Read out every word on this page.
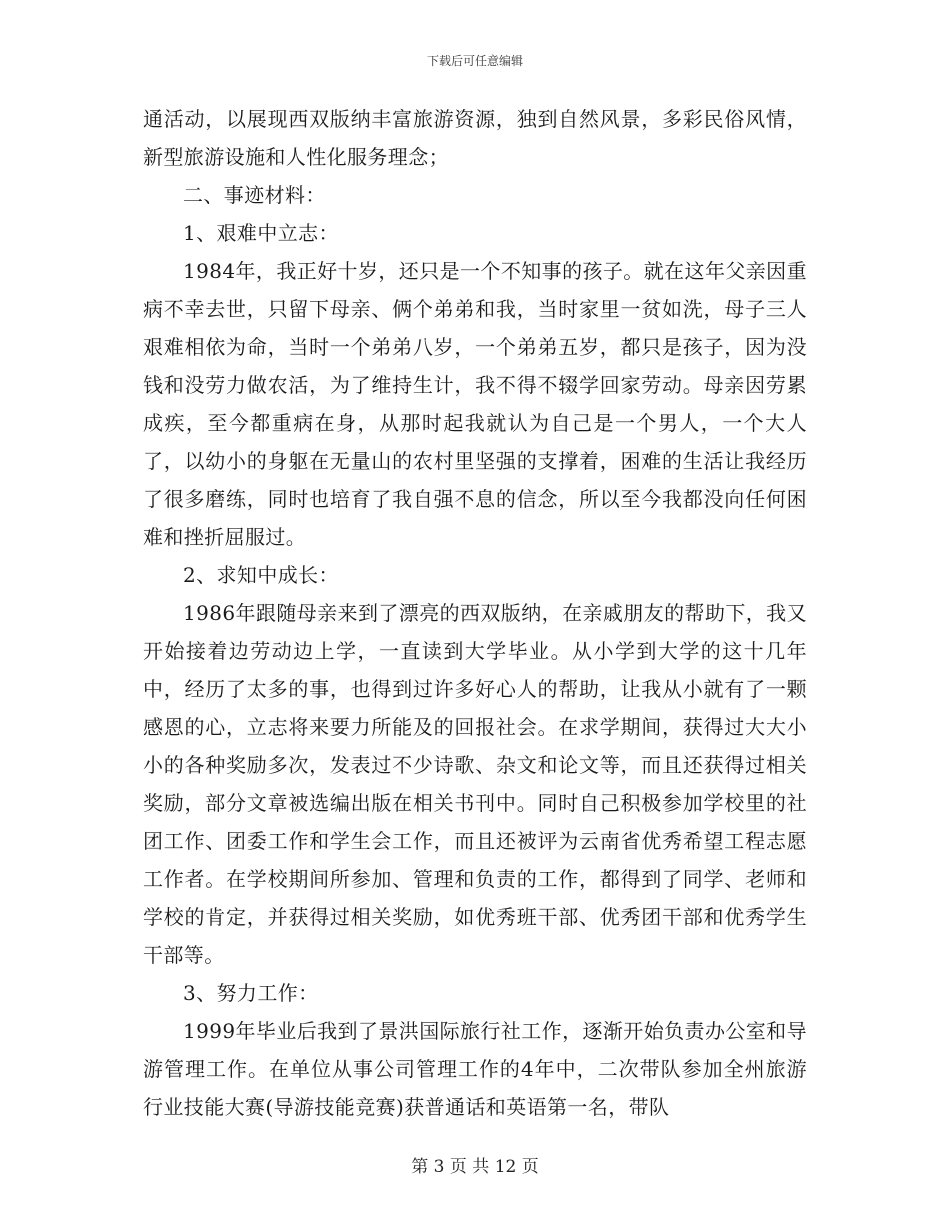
下载后可任意编辑

通活动，以展现西双版纳丰富旅游资源，独到自然风景，多彩民俗风情，新型旅游设施和人性化服务理念；

二、事迹材料：

1、艰难中立志：

1984年，我正好十岁，还只是一个不知事的孩子。就在这年父亲因重病不幸去世，只留下母亲、俩个弟弟和我，当时家里一贫如洗，母子三人艰难相依为命，当时一个弟弟八岁，一个弟弟五岁，都只是孩子，因为没钱和没劳力做农活，为了维持生计，我不得不辍学回家劳动。母亲因劳累成疾，至今都重病在身，从那时起我就认为自己是一个男人，一个大人了，以幼小的身躯在无量山的农村里坚强的支撑着，困难的生活让我经历了很多磨练，同时也培育了我自强不息的信念，所以至今我都没向任何困难和挫折屈服过。

2、求知中成长：

1986年跟随母亲来到了漂亮的西双版纳，在亲戚朋友的帮助下，我又开始接着边劳动边上学，一直读到大学毕业。从小学到大学的这十几年中，经历了太多的事，也得到过许多好心人的帮助，让我从小就有了一颗感恩的心，立志将来要力所能及的回报社会。在求学期间，获得过大大小小的各种奖励多次，发表过不少诗歌、杂文和论文等，而且还获得过相关奖励，部分文章被选编出版在相关书刊中。同时自己积极参加学校里的社团工作、团委工作和学生会工作，而且还被评为云南省优秀希望工程志愿工作者。在学校期间所参加、管理和负责的工作，都得到了同学、老师和学校的肯定，并获得过相关奖励，如优秀班干部、优秀团干部和优秀学生干部等。

3、努力工作：

1999年毕业后我到了景洪国际旅行社工作，逐渐开始负责办公室和导游管理工作。在单位从事公司管理工作的4年中，二次带队参加全州旅游行业技能大赛(导游技能竞赛)获普通话和英语第一名，带队

第 3 页 共 12 页
